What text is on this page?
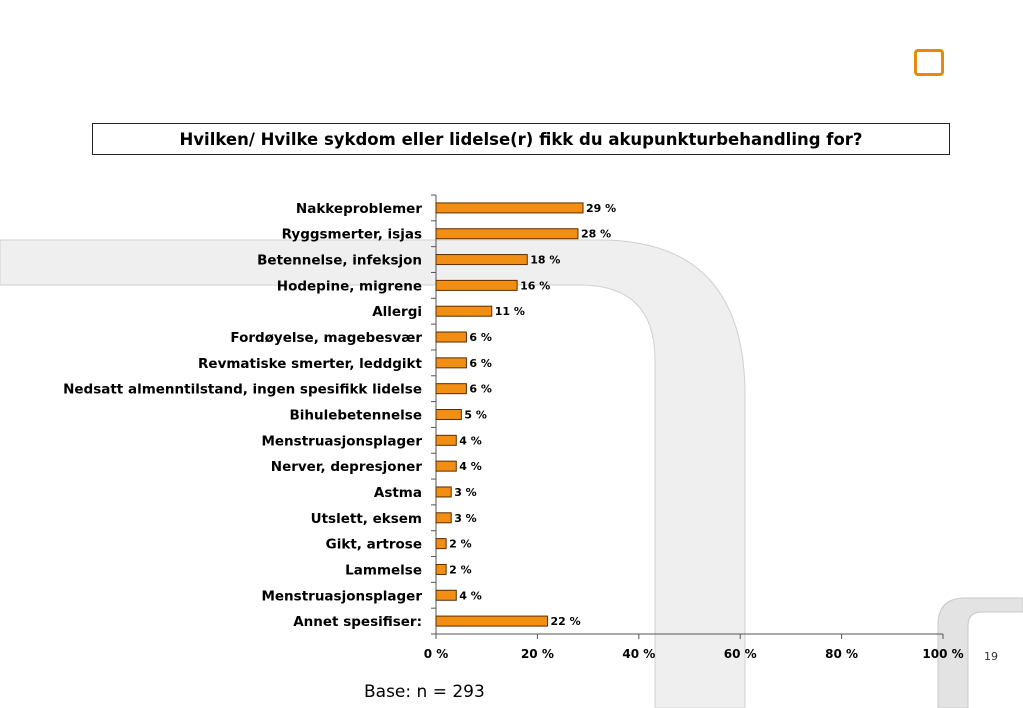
Hvilken/ Hvilke sykdom eller lidelse(r) fikk du akupunkturbehandling for?
0 %	20 %	40 %	60 %	80 %	100 %
29 %
Nakkeproblemer
28 %
Ryggsmerter, isjas
18 %
Betennelse, infeksjon
16 %
Hodepine, migrene
11 %
Allergi
6 %
Fordøyelse, magebesvær
6 %
Revmatiske smerter, leddgikt
6 %
Nedsatt almenntilstand, ingen spesifikk lidelse
5 %
Bihulebetennelse
4 %
Menstruasjonsplager
4 %
Nerver, depresjoner
3 %
Astma
3 %
Utslett, eksem
2 %
Gikt, artrose
2 %
Lammelse
4 %
Menstruasjonsplager
22 %
Annet spesifiser:
Base: n = 293
19
